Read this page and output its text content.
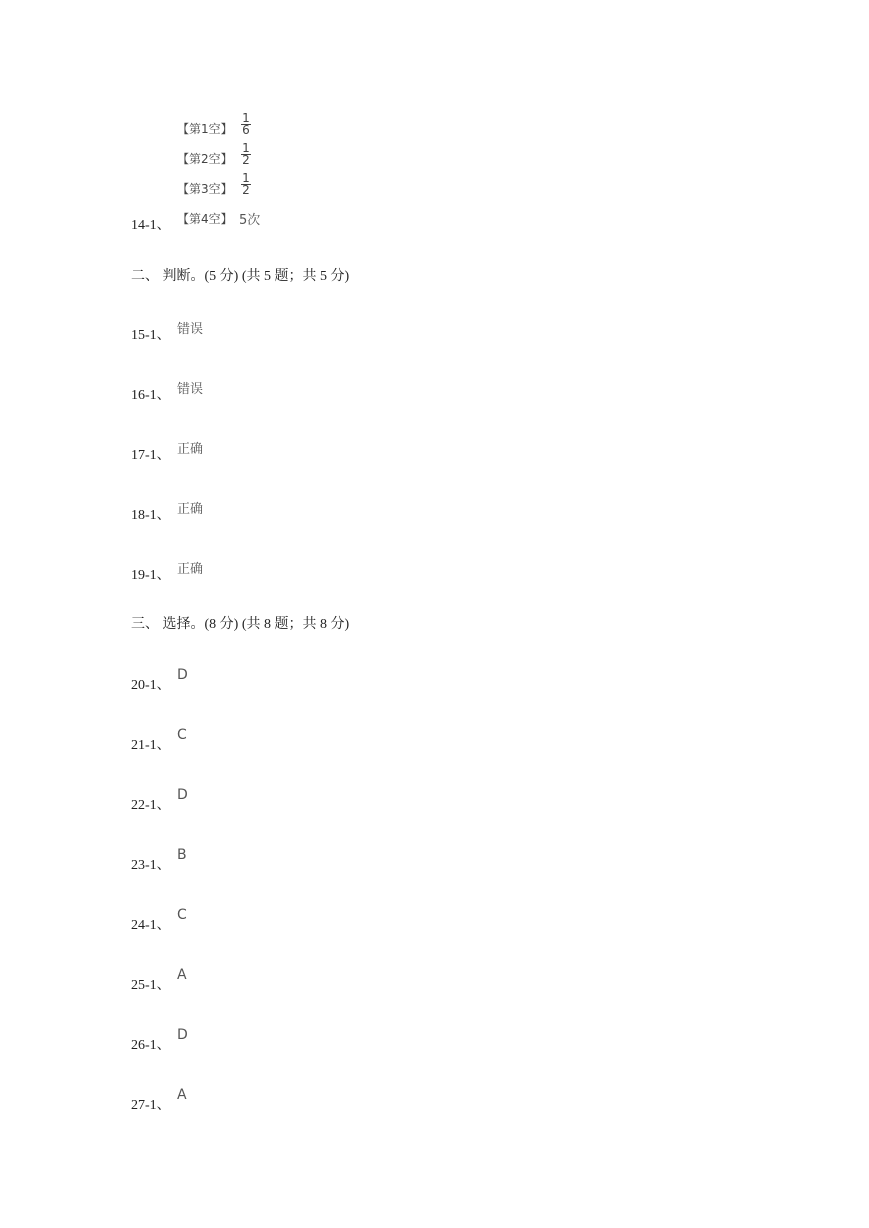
【第1空】
1
6
【第2空】
1
2
【第3空】
1
2
14-1、 【第4空】 5次
二、 判断。(5 分) (共 5 题；共 5 分)
15-1、 错误
16-1、 错误
17-1、 正确
18-1、 正确
19-1、 正确
三、 选择。(8 分) (共 8 题；共 8 分)
20-1、
D
21-1、
C
22-1、
D
23-1、
B
24-1、
C
25-1、
A
26-1、
D
27-1、
A
